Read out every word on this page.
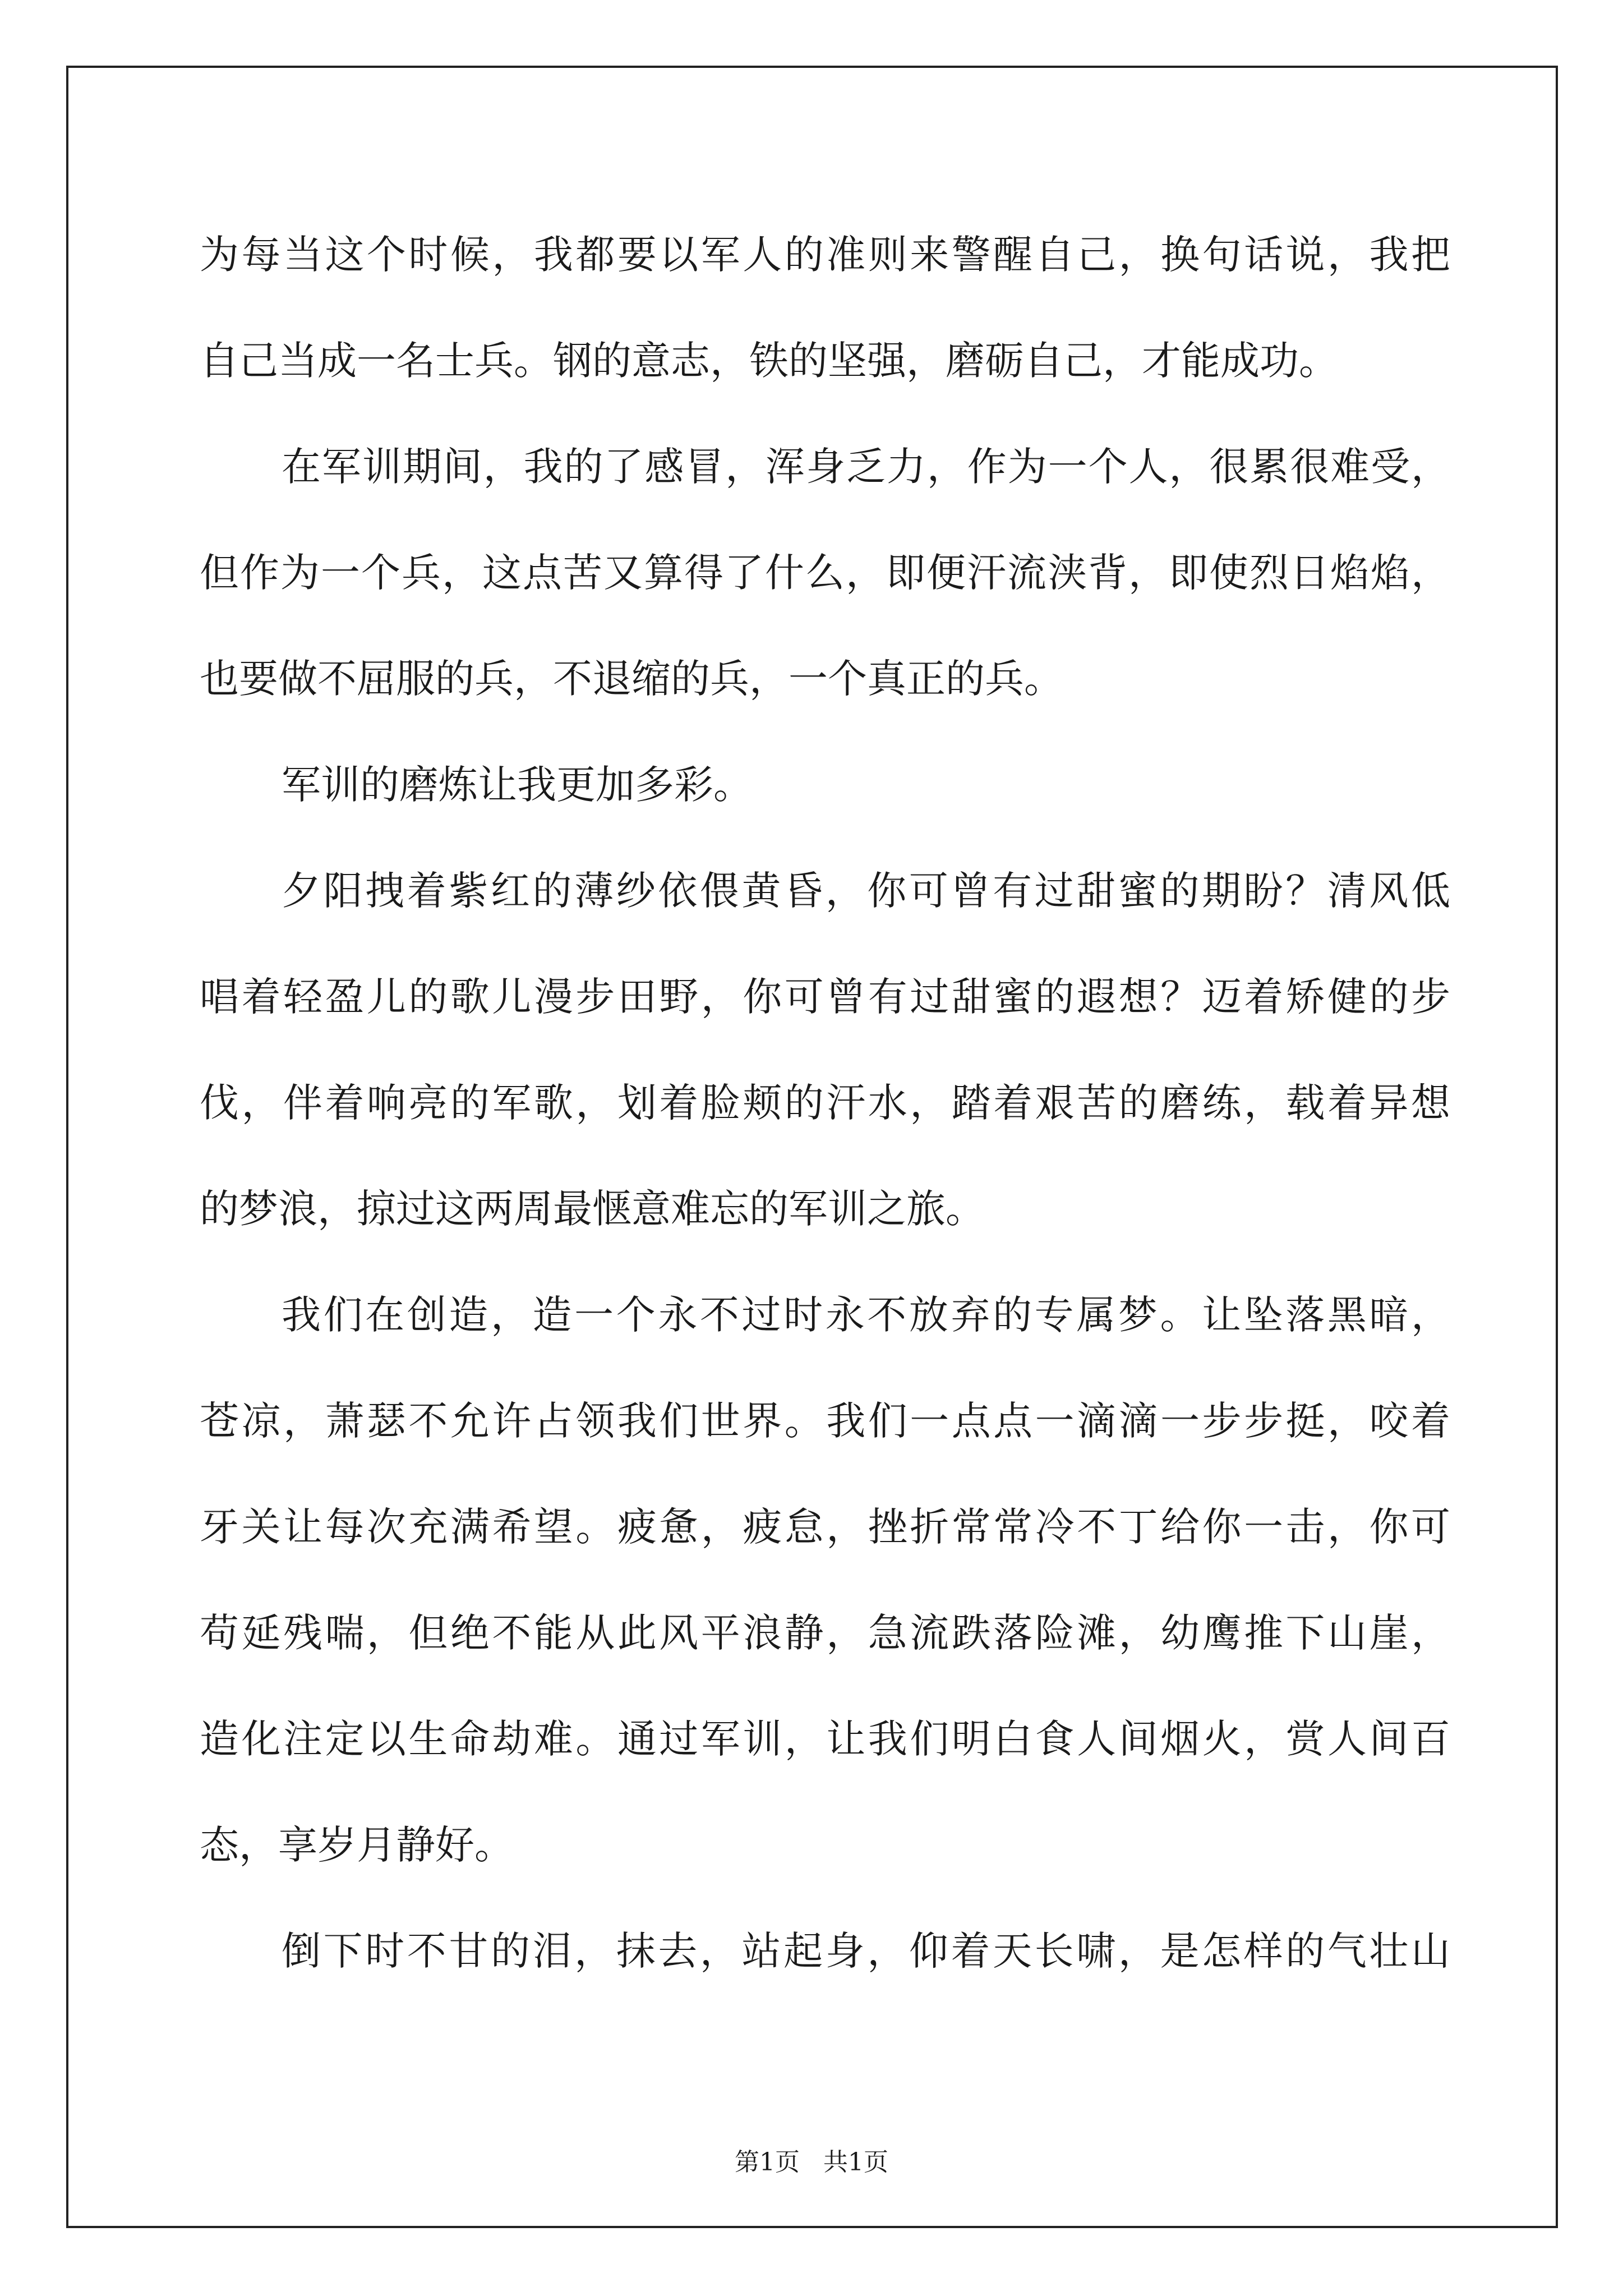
为每当这个时候，我都要以军人的准则来警醒自己，换句话说，我把
自己当成一名士兵。钢的意志，铁的坚强，磨砺自己，才能成功。
在军训期间，我的了感冒，浑身乏力，作为一个人，很累很难受，
但作为一个兵，这点苦又算得了什么，即便汗流浃背，即使烈日焰焰，
也要做不屈服的兵，不退缩的兵，一个真正的兵。
军训的磨炼让我更加多彩。
夕阳拽着紫红的薄纱依偎黄昏，你可曾有过甜蜜的期盼？清风低
唱着轻盈儿的歌儿漫步田野，你可曾有过甜蜜的遐想？迈着矫健的步
伐，伴着响亮的军歌，划着脸颊的汗水，踏着艰苦的磨练，载着异想
的梦浪，掠过这两周最惬意难忘的军训之旅。
我们在创造，造一个永不过时永不放弃的专属梦。让坠落黑暗，
苍凉，萧瑟不允许占领我们世界。我们一点点一滴滴一步步挺，咬着
牙关让每次充满希望。疲惫，疲怠，挫折常常冷不丁给你一击，你可
苟延残喘，但绝不能从此风平浪静，急流跌落险滩，幼鹰推下山崖，
造化注定以生命劫难。通过军训，让我们明白食人间烟火，赏人间百
态，享岁月静好。
倒下时不甘的泪，抹去，站起身，仰着天长啸，是怎样的气壮山
第1页 共1页
